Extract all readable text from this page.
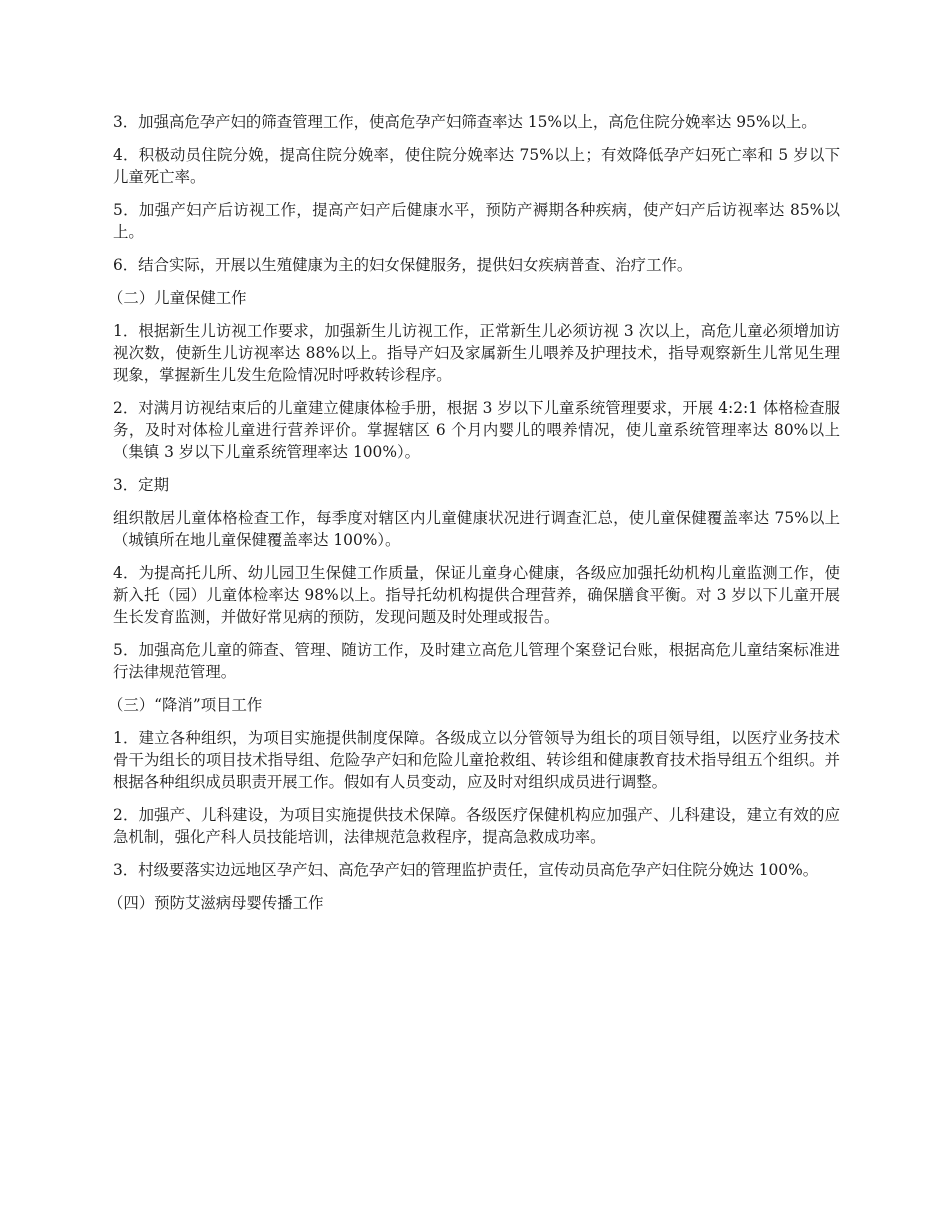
3．加强高危孕产妇的筛查管理工作，使高危孕产妇筛查率达 15%以上，高危住院分娩率达 95%以上。

4．积极动员住院分娩，提高住院分娩率，使住院分娩率达 75%以上；有效降低孕产妇死亡率和 5 岁以下儿童死亡率。

5．加强产妇产后访视工作，提高产妇产后健康水平，预防产褥期各种疾病，使产妇产后访视率达 85%以上。

6．结合实际，开展以生殖健康为主的妇女保健服务，提供妇女疾病普查、治疗工作。

（二）儿童保健工作

1．根据新生儿访视工作要求，加强新生儿访视工作，正常新生儿必须访视 3 次以上，高危儿童必须增加访视次数，使新生儿访视率达 88%以上。指导产妇及家属新生儿喂养及护理技术，指导观察新生儿常见生理现象，掌握新生儿发生危险情况时呼救转诊程序。

2．对满月访视结束后的儿童建立健康体检手册，根据 3 岁以下儿童系统管理要求，开展 4:2:1 体格检查服务，及时对体检儿童进行营养评价。掌握辖区 6 个月内婴儿的喂养情况，使儿童系统管理率达 80%以上（集镇 3 岁以下儿童系统管理率达 100%）。

3．定期

组织散居儿童体格检查工作，每季度对辖区内儿童健康状况进行调查汇总，使儿童保健覆盖率达 75%以上（城镇所在地儿童保健覆盖率达 100%）。

4．为提高托儿所、幼儿园卫生保健工作质量，保证儿童身心健康，各级应加强托幼机构儿童监测工作，使新入托（园）儿童体检率达 98%以上。指导托幼机构提供合理营养，确保膳食平衡。对 3 岁以下儿童开展生长发育监测，并做好常见病的预防，发现问题及时处理或报告。

5．加强高危儿童的筛查、管理、随访工作，及时建立高危儿管理个案登记台账，根据高危儿童结案标准进行法律规范管理。

（三）“降消”项目工作

1．建立各种组织，为项目实施提供制度保障。各级成立以分管领导为组长的项目领导组，以医疗业务技术骨干为组长的项目技术指导组、危险孕产妇和危险儿童抢救组、转诊组和健康教育技术指导组五个组织。并根据各种组织成员职责开展工作。假如有人员变动，应及时对组织成员进行调整。

2．加强产、儿科建设，为项目实施提供技术保障。各级医疗保健机构应加强产、儿科建设，建立有效的应急机制，强化产科人员技能培训，法律规范急救程序，提高急救成功率。

3．村级要落实边远地区孕产妇、高危孕产妇的管理监护责任，宣传动员高危孕产妇住院分娩达 100%。

（四）预防艾滋病母婴传播工作
